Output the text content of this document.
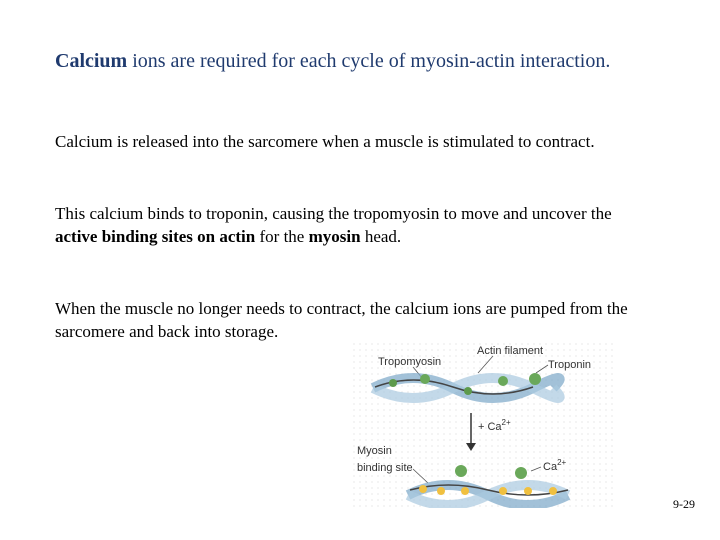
Calcium ions are required for each cycle of myosin-actin interaction.
Calcium is released into the sarcomere when a muscle is stimulated to contract.
This calcium binds to troponin, causing the tropomyosin to move and uncover the active binding sites on actin for the myosin head.
When the muscle no longer needs to contract, the calcium ions are pumped from the sarcomere and back into storage.
Tropomyosin
Actin filament
Troponin
+ $Ca^{2+}$
Myosin
binding site	$Ca^{2+}$
9-29
